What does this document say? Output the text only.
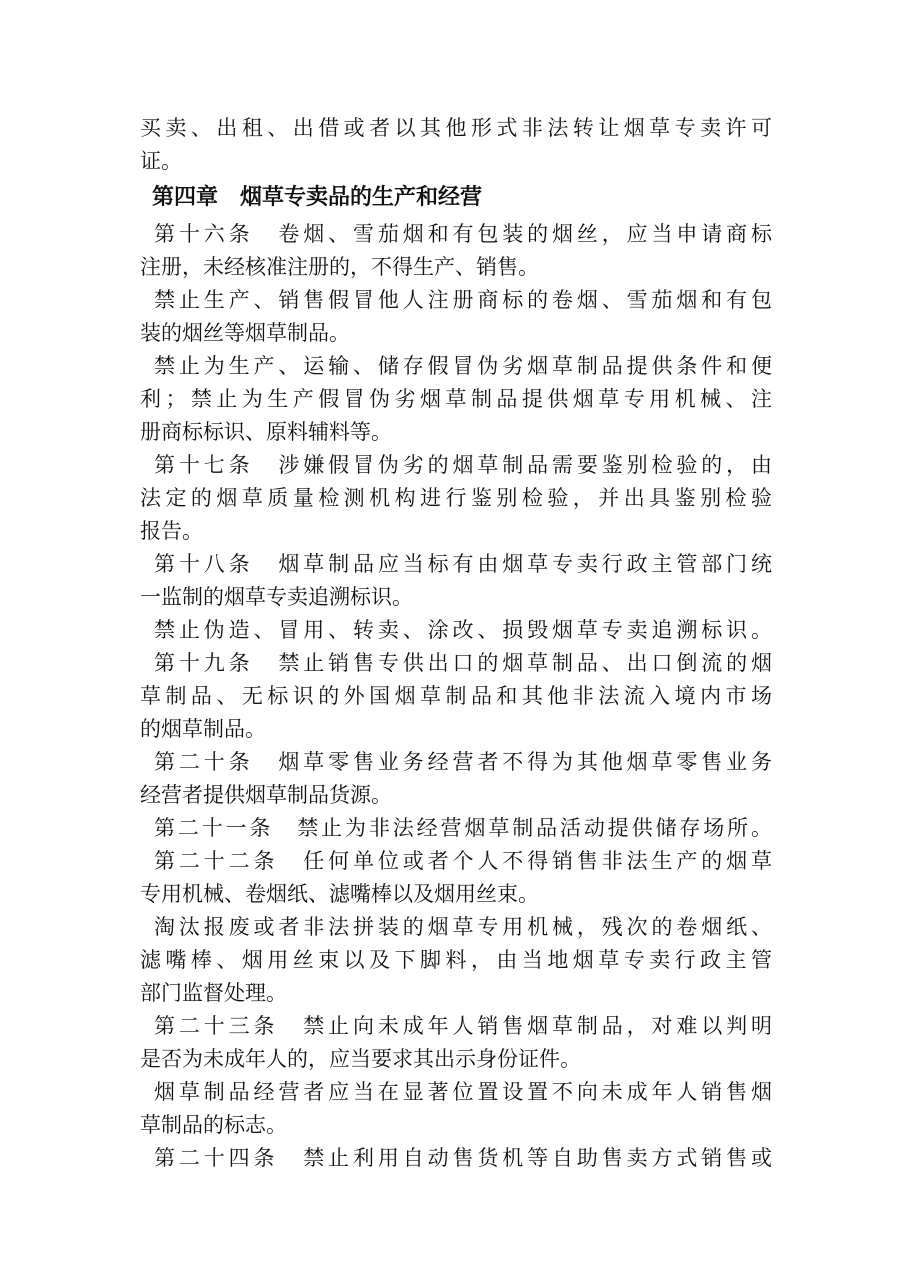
买卖、出租、出借或者以其他形式非法转让烟草专卖许可
证。
第四章　烟草专卖品的生产和经营
第十六条　卷烟、雪茄烟和有包装的烟丝，应当申请商标
注册，未经核准注册的，不得生产、销售。
禁止生产、销售假冒他人注册商标的卷烟、雪茄烟和有包
装的烟丝等烟草制品。
禁止为生产、运输、储存假冒伪劣烟草制品提供条件和便
利；禁止为生产假冒伪劣烟草制品提供烟草专用机械、注
册商标标识、原料辅料等。
第十七条　涉嫌假冒伪劣的烟草制品需要鉴别检验的，由
法定的烟草质量检测机构进行鉴别检验，并出具鉴别检验
报告。
第十八条　烟草制品应当标有由烟草专卖行政主管部门统
一监制的烟草专卖追溯标识。
禁止伪造、冒用、转卖、涂改、损毁烟草专卖追溯标识。
第十九条　禁止销售专供出口的烟草制品、出口倒流的烟
草制品、无标识的外国烟草制品和其他非法流入境内市场
的烟草制品。
第二十条　烟草零售业务经营者不得为其他烟草零售业务
经营者提供烟草制品货源。
第二十一条　禁止为非法经营烟草制品活动提供储存场所。
第二十二条　任何单位或者个人不得销售非法生产的烟草
专用机械、卷烟纸、滤嘴棒以及烟用丝束。
淘汰报废或者非法拼装的烟草专用机械，残次的卷烟纸、
滤嘴棒、烟用丝束以及下脚料，由当地烟草专卖行政主管
部门监督处理。
第二十三条　禁止向未成年人销售烟草制品，对难以判明
是否为未成年人的，应当要求其出示身份证件。
烟草制品经营者应当在显著位置设置不向未成年人销售烟
草制品的标志。
第二十四条　禁止利用自动售货机等自助售卖方式销售或
